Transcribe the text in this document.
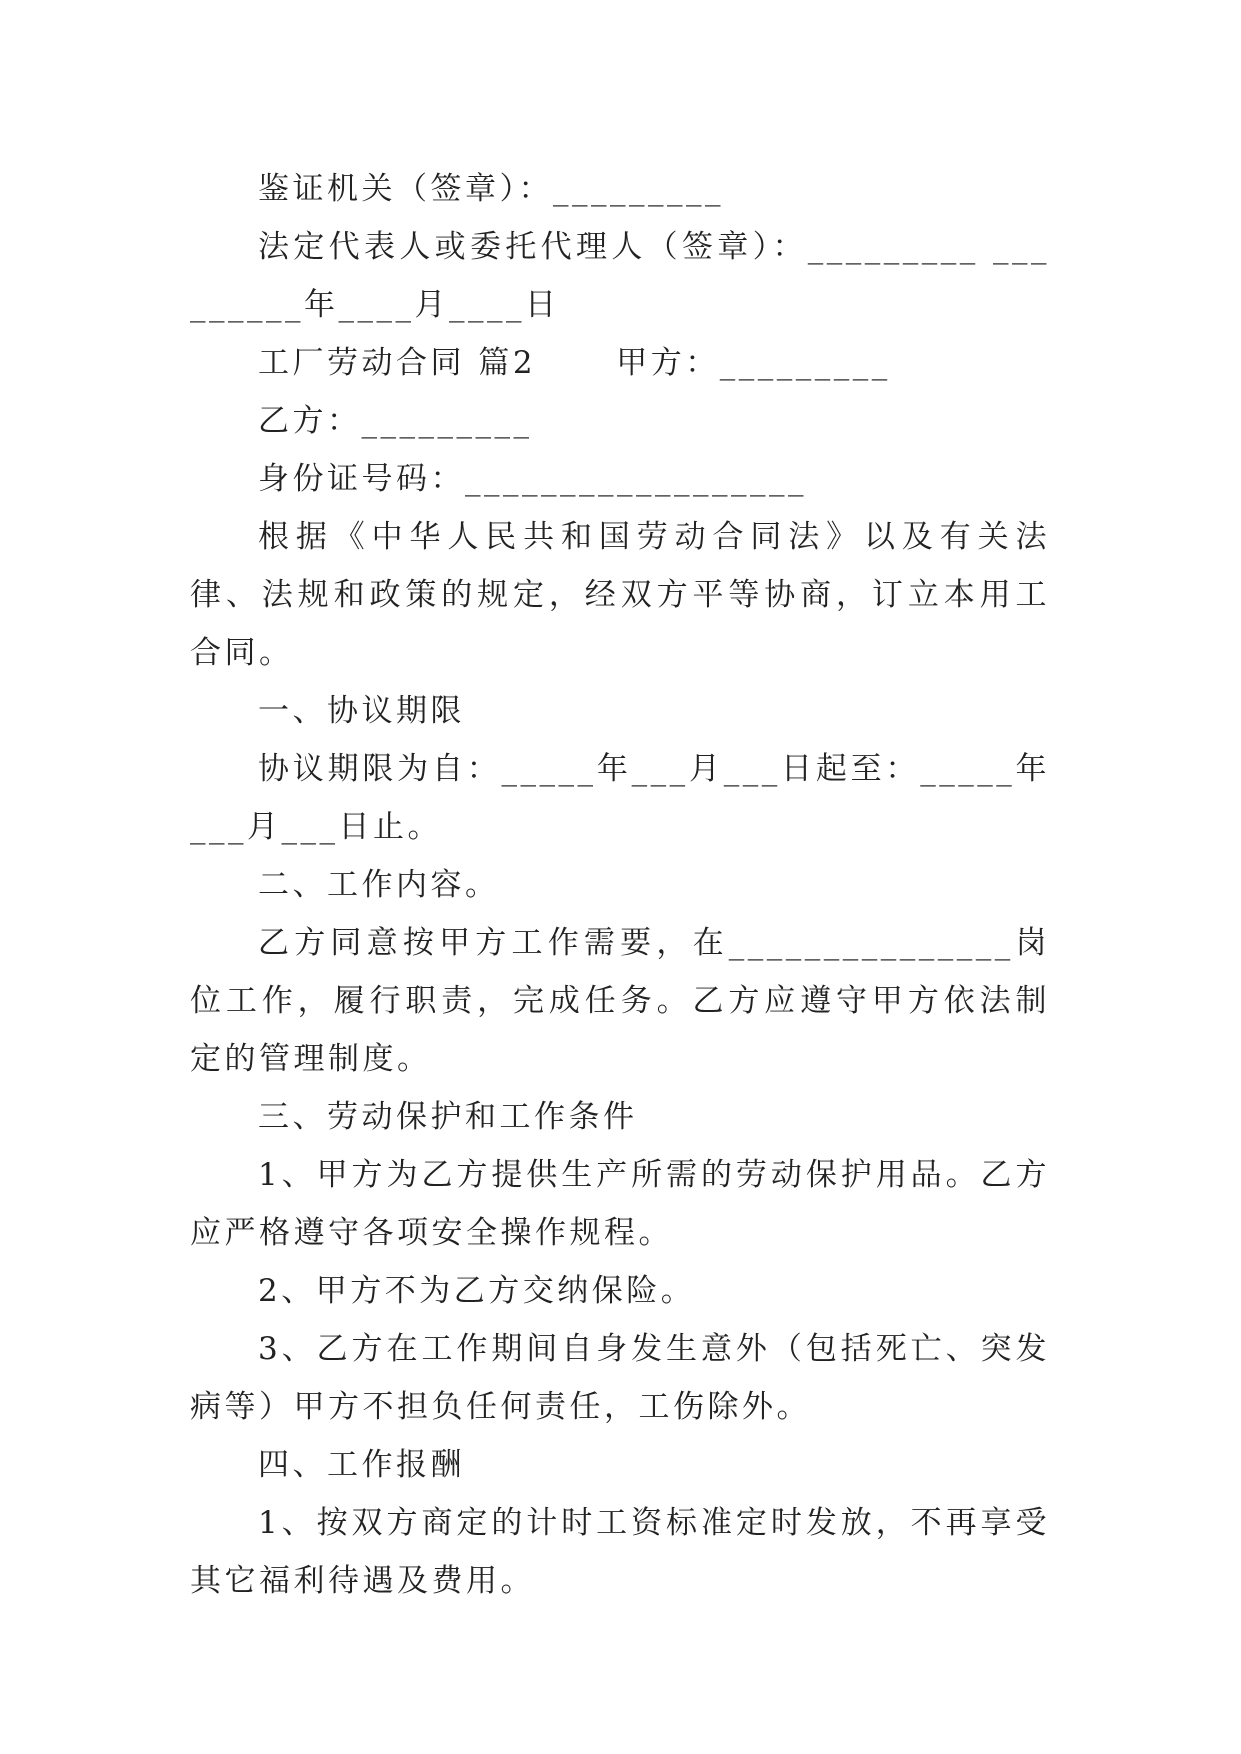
鉴证机关（签章）：_________

法定代表人或委托代理人（签章）：_________ _________年____月____日

工厂劳动合同 篇2      甲方：_________

乙方：_________

身份证号码：__________________

根据《中华人民共和国劳动合同法》以及有关法律、法规和政策的规定，经双方平等协商，订立本用工合同。

一、协议期限

协议期限为自：_____年___月___日起至：_____年___月___日止。

二、工作内容。

乙方同意按甲方工作需要，在_______________岗位工作，履行职责，完成任务。乙方应遵守甲方依法制定的管理制度。

三、劳动保护和工作条件

1、甲方为乙方提供生产所需的劳动保护用品。乙方应严格遵守各项安全操作规程。

2、甲方不为乙方交纳保险。

3、乙方在工作期间自身发生意外（包括死亡、突发病等）甲方不担负任何责任，工伤除外。

四、工作报酬

1、按双方商定的计时工资标准定时发放，不再享受其它福利待遇及费用。
